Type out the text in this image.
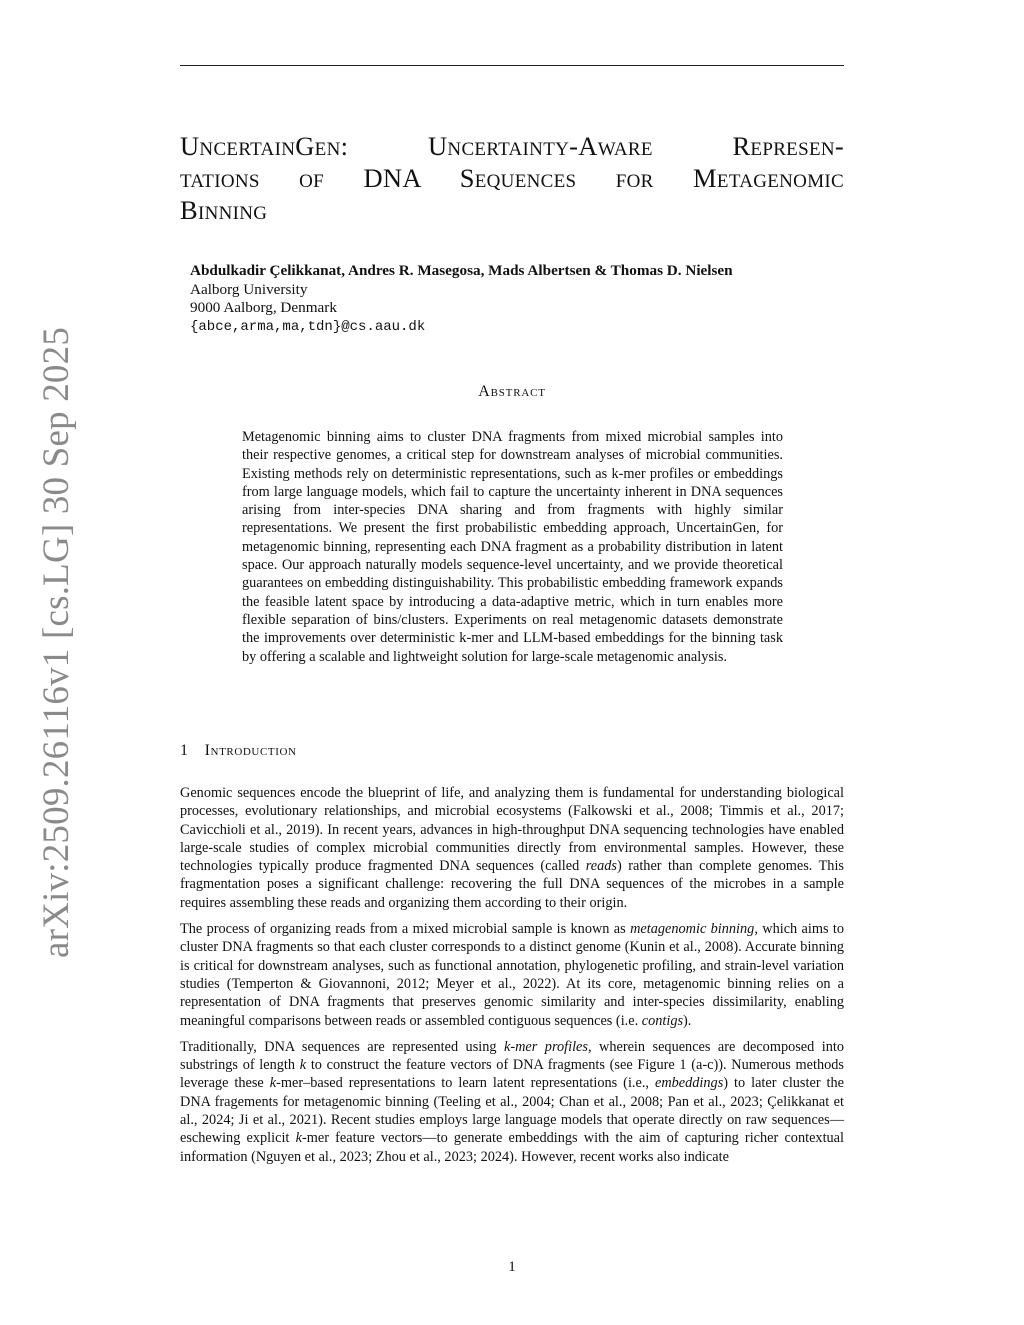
arXiv:2509.26116v1 [cs.LG] 30 Sep 2025
UncertainGen: Uncertainty-Aware Represen-
tations of DNA Sequences for Metagenomic
Binning
Abdulkadir Çelikkanat, Andres R. Masegosa, Mads Albertsen & Thomas D. Nielsen
Aalborg University
9000 Aalborg, Denmark
{abce,arma,ma,tdn}@cs.aau.dk
Abstract
Metagenomic binning aims to cluster DNA fragments from mixed microbial samples into their respective genomes, a critical step for downstream analyses of microbial communities. Existing methods rely on deterministic representations, such as k-mer profiles or embeddings from large language models, which fail to capture the uncertainty inherent in DNA sequences arising from inter-species DNA sharing and from fragments with highly similar representations. We present the first probabilistic embedding approach, UncertainGen, for metagenomic binning, representing each DNA fragment as a probability distribution in latent space. Our approach naturally models sequence-level uncertainty, and we provide theoretical guarantees on embedding distinguishability. This probabilistic embedding framework expands the feasible latent space by introducing a data-adaptive metric, which in turn enables more flexible separation of bins/clusters. Experiments on real metagenomic datasets demonstrate the improvements over deterministic k-mer and LLM-based embeddings for the binning task by offering a scalable and lightweight solution for large-scale metagenomic analysis.
1 Introduction

Genomic sequences encode the blueprint of life, and analyzing them is fundamental for understanding biological processes, evolutionary relationships, and microbial ecosystems (Falkowski et al., 2008; Timmis et al., 2017; Cavicchioli et al., 2019). In recent years, advances in high-throughput DNA sequencing technologies have enabled large-scale studies of complex microbial communities directly from environmental samples. However, these technologies typically produce fragmented DNA sequences (called reads) rather than complete genomes. This fragmentation poses a significant challenge: recovering the full DNA sequences of the microbes in a sample requires assembling these reads and organizing them according to their origin.

The process of organizing reads from a mixed microbial sample is known as metagenomic binning, which aims to cluster DNA fragments so that each cluster corresponds to a distinct genome (Kunin et al., 2008). Accurate binning is critical for downstream analyses, such as functional annotation, phylogenetic profiling, and strain-level variation studies (Temperton & Giovannoni, 2012; Meyer et al., 2022). At its core, metagenomic binning relies on a representation of DNA fragments that preserves genomic similarity and inter-species dissimilarity, enabling meaningful comparisons between reads or assembled contiguous sequences (i.e. contigs).

Traditionally, DNA sequences are represented using k-mer profiles, wherein sequences are decomposed into substrings of length k to construct the feature vectors of DNA fragments (see Figure 1 (a-c)). Numerous methods leverage these k-mer–based representations to learn latent representations (i.e., embeddings) to later cluster the DNA fragements for metagenomic binning (Teeling et al., 2004; Chan et al., 2008; Pan et al., 2023; Çelikkanat et al., 2024; Ji et al., 2021). Recent studies employs large language models that operate directly on raw sequences—eschewing explicit k-mer feature vectors—to generate embeddings with the aim of capturing richer contextual information (Nguyen et al., 2023; Zhou et al., 2023; 2024). However, recent works also indicate

1
